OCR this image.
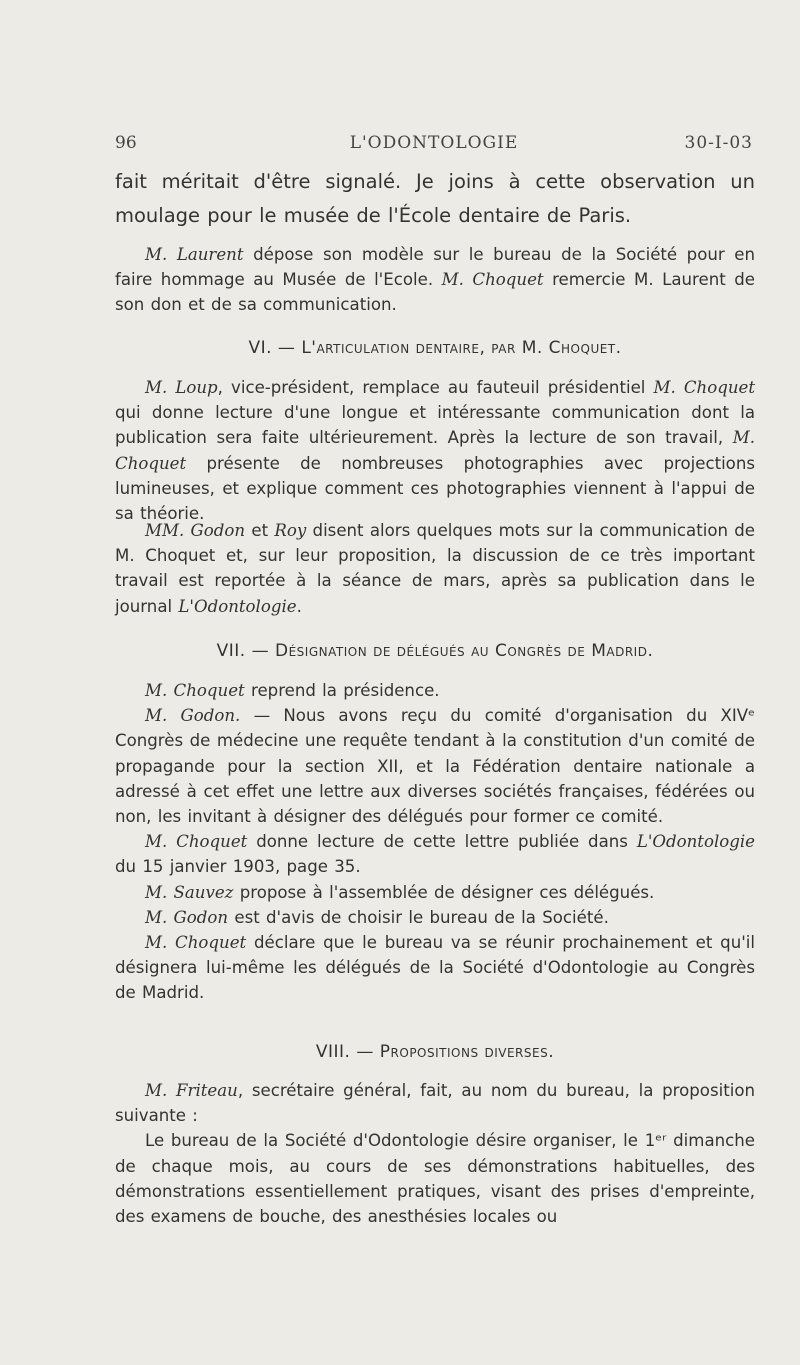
96	L'ODONTOLOGIE	30-I-03

fait méritait d'être signalé. Je joins à cette observation un moulage pour le musée de l'École dentaire de Paris.

M. Laurent dépose son modèle sur le bureau de la Société pour en faire hommage au Musée de l'Ecole. M. Choquet remercie M. Laurent de son don et de sa communication.

VI. — L'articulation dentaire, par M. Choquet.

M. Loup, vice-président, remplace au fauteuil présidentiel M. Choquet qui donne lecture d'une longue et intéressante communication dont la publication sera faite ultérieurement. Après la lecture de son travail, M. Choquet présente de nombreuses photographies avec projections lumineuses, et explique comment ces photographies viennent à l'appui de sa théorie.

MM. Godon et Roy disent alors quelques mots sur la communication de M. Choquet et, sur leur proposition, la discussion de ce très important travail est reportée à la séance de mars, après sa publication dans le journal L'Odontologie.

VII. — Désignation de délégués au Congrès de Madrid.

M. Choquet reprend la présidence.

M. Godon. — Nous avons reçu du comité d'organisation du XIVᵉ Congrès de médecine une requête tendant à la constitution d'un comité de propagande pour la section XII, et la Fédération dentaire nationale a adressé à cet effet une lettre aux diverses sociétés françaises, fédérées ou non, les invitant à désigner des délégués pour former ce comité.

M. Choquet donne lecture de cette lettre publiée dans L'Odontologie du 15 janvier 1903, page 35.

M. Sauvez propose à l'assemblée de désigner ces délégués.

M. Godon est d'avis de choisir le bureau de la Société.

M. Choquet déclare que le bureau va se réunir prochainement et qu'il désignera lui-même les délégués de la Société d'Odontologie au Congrès de Madrid.

VIII. — Propositions diverses.

M. Friteau, secrétaire général, fait, au nom du bureau, la proposition suivante :

Le bureau de la Société d'Odontologie désire organiser, le 1ᵉʳ dimanche de chaque mois, au cours de ses démonstrations habituelles, des démonstrations essentiellement pratiques, visant des prises d'empreinte, des examens de bouche, des anesthésies locales ou
